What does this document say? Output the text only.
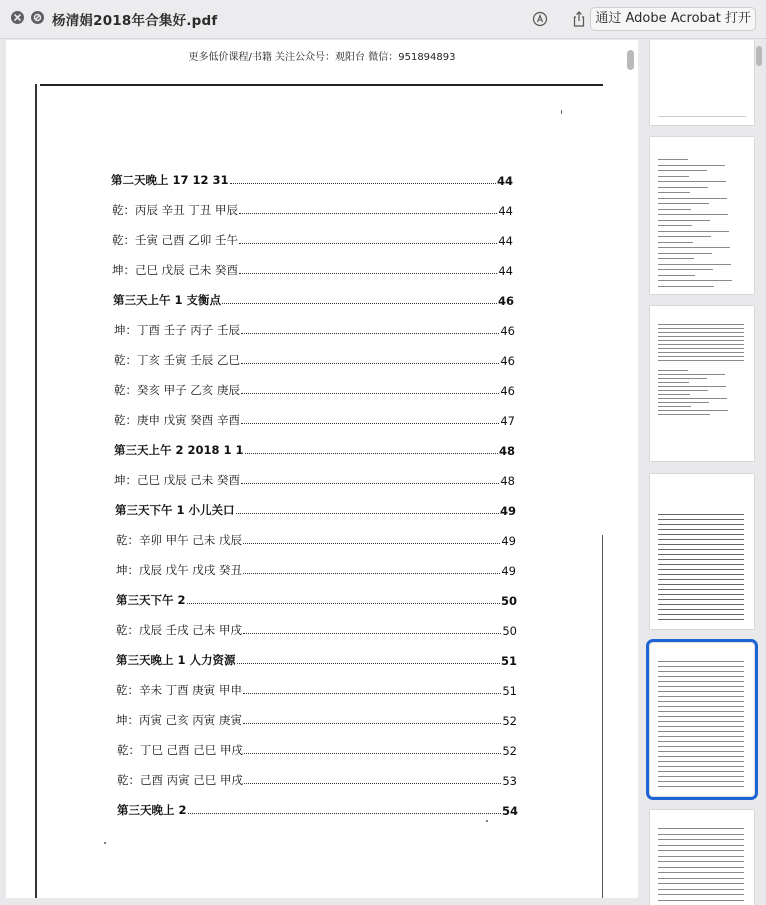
杨清娟2018年合集好.pdf	通过 Adobe Acrobat 打开
更多低价课程/书籍 关注公众号：观阳台 微信：951894893
第二天晚上 17 12 31	44
乾：丙辰 辛丑 丁丑 甲辰	44
乾：壬寅 己酉 乙卯 壬午	44
坤：己巳 戊辰 己未 癸酉	44
第三天上午 1 支衡点	46
坤：丁酉 壬子 丙子 壬辰	46
乾：丁亥 壬寅 壬辰 乙巳	46
乾：癸亥 甲子 乙亥 庚辰	46
乾：庚申 戊寅 癸酉 辛酉	47
第三天上午 2 2018 1 1	48
坤：己巳 戊辰 己未 癸酉	48
第三天下午 1 小儿关口	49
乾：辛卯 甲午 己未 戊辰	49
坤：戊辰 戊午 戊戌 癸丑	49
第三天下午 2	50
乾：戊辰 壬戌 己未 甲戌	50
第三天晚上 1 人力资源	51
乾：辛未 丁酉 庚寅 甲申	51
坤：丙寅 己亥 丙寅 庚寅	52
乾：丁巳 己酉 己巳 甲戌	52
乾：己酉 丙寅 己巳 甲戌	53
第三天晚上 2	54
